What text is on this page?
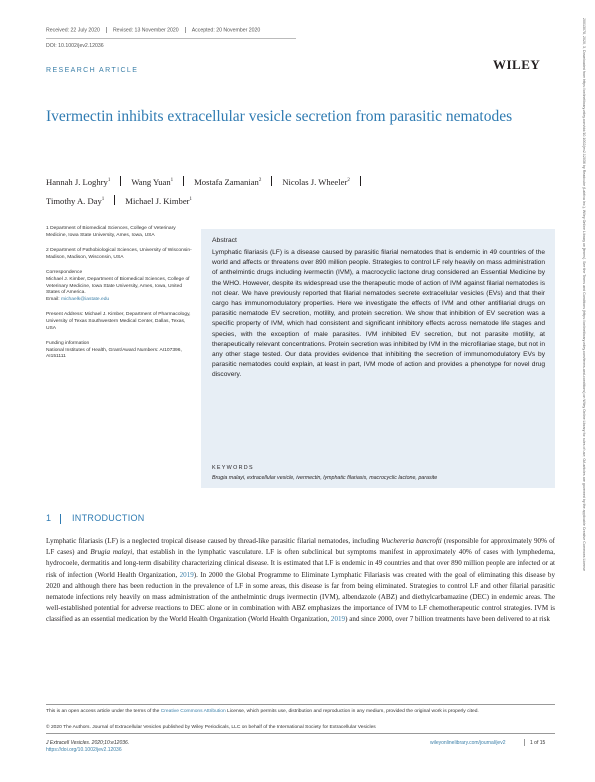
Received: 22 July 2020	Revised: 13 November 2020	Accepted: 20 November 2020
DOI: 10.1002/jev2.12036
RESEARCH ARTICLE	WILEY
Ivermectin inhibits extracellular vesicle secretion from parasitic nematodes
Hannah J. Loghry$^1$ Wang Yuan$^1$ Mostafa Zamanian$^2$ Nicolas J. Wheeler$^2$
Timothy A. Day$^1$ Michael J. Kimber$^1$

1 Department of Biomedical Sciences, College of Veterinary Medicine, Iowa State University, Ames, Iowa, USA

2 Department of Pathobiological Sciences, University of Wisconsin-Madison, Madison, Wisconsin, USA

Correspondence

Michael J. Kimber, Department of Biomedical Sciences, College of Veterinary Medicine, Iowa State University, Ames, Iowa, United States of America.

Email: michaelk@iastate.edu

Present Address: Michael J. Kimber, Department of Pharmacology, University of Texas Southwestern Medical Center, Dallas, Texas, USA

Funding information

National Institutes of Health, Grant/Award Numbers: AI107396, AI151111

Abstract
Lymphatic filariasis (LF) is a disease caused by parasitic filarial nematodes that is endemic in 49 countries of the world and affects or threatens over 890 million people. Strategies to control LF rely heavily on mass administration of anthelmintic drugs including ivermectin (IVM), a macrocyclic lactone drug considered an Essential Medicine by the WHO. However, despite its widespread use the therapeutic mode of action of IVM against filarial nematodes is not clear. We have previously reported that filarial nematodes secrete extracellular vesicles (EVs) and that their cargo has immunomodulatory properties. Here we investigate the effects of IVM and other antifilarial drugs on parasitic nematode EV secretion, motility, and protein secretion. We show that inhibition of EV secretion was a specific property of IVM, which had consistent and significant inhibitory effects across nematode life stages and species, with the exception of male parasites. IVM inhibited EV secretion, but not parasite motility, at therapeutically relevant concentrations. Protein secretion was inhibited by IVM in the microfilariae stage, but not in any other stage tested. Our data provides evidence that inhibiting the secretion of immunomodulatory EVs by parasitic nematodes could explain, at least in part, IVM mode of action and provides a phenotype for novel drug discovery.
KEYWORDS
Brugia malayi, extracellular vesicle, ivermectin, lymphatic filariasis, macrocyclic lactone, parasite
1 INTRODUCTION
Lymphatic filariasis (LF) is a neglected tropical disease caused by thread-like parasitic filarial nematodes, including Wuchereria bancrofti (responsible for approximately 90% of LF cases) and Brugia malayi, that establish in the lymphatic vasculature. LF is often subclinical but symptoms manifest in approximately 40% of cases with lymphedema, hydrocoele, dermatitis and long-term disability characterizing clinical disease. It is estimated that LF is endemic in 49 countries and that over 890 million people are infected or at risk of infection (World Health Organization, 2019). In 2000 the Global Programme to Eliminate Lymphatic Filariasis was created with the goal of eliminating this disease by 2020 and although there has been reduction in the prevalence of LF in some areas, this disease is far from being eliminated. Strategies to control LF and other filarial parasitic nematode infections rely heavily on mass administration of the anthelmintic drugs ivermectin (IVM), albendazole (ABZ) and diethylcarbamazine (DEC) in endemic areas. The well-established potential for adverse reactions to DEC alone or in combination with ABZ emphasizes the importance of IVM to LF chemotherapeutic control strategies. IVM is classified as an essential medication by the World Health Organization (World Health Organization, 2019) and since 2000, over 7 billion treatments have been delivered to at risk
This is an open access article under the terms of the Creative Commons Attribution License, which permits use, distribution and reproduction in any medium, provided the original work is properly cited.
© 2020 The Authors. Journal of Extracellular Vesicles published by Wiley Periodicals, LLC on behalf of the International Society for Extracellular Vesicles
J Extracell Vesicles. 2020;10:e12036.
https://doi.org/10.1002/jev2.12036
wileyonlinelibrary.com/journal/jev2	1 of 15
20013078, 2020, 3, Downloaded from https://onlinelibrary.wiley.com/doi/10.1002/jev2.12036 by Readcube (Labtiva Inc.), Wiley Online Library on [terms]. See the Terms and Conditions (https://onlinelibrary.wiley.com/terms-and-conditions) on Wiley Online Library for rules of use; OA articles are governed by the applicable Creative Commons License
